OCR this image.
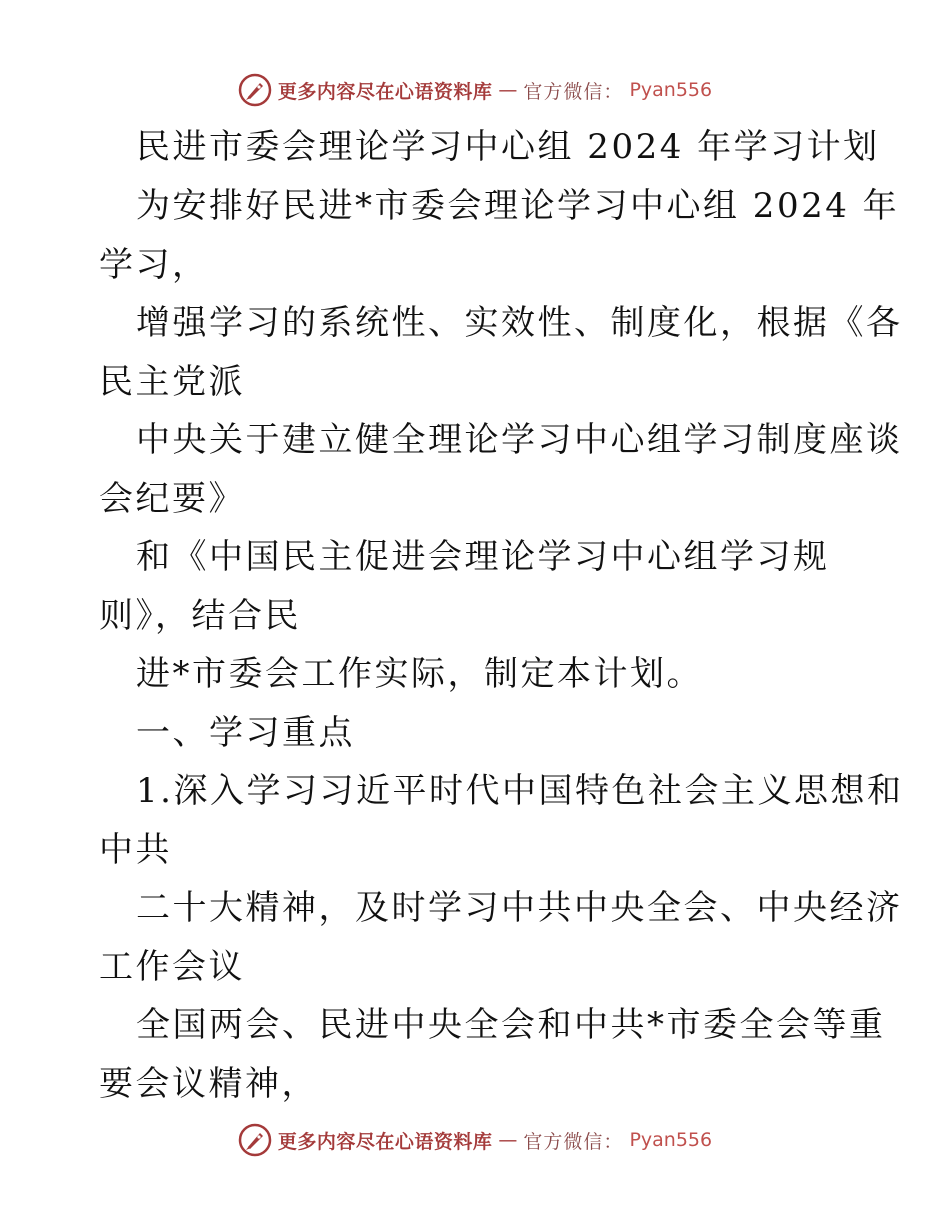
更多内容尽在心语资料库 — 官方微信： Pyan556
民进市委会理论学习中心组 2024 年学习计划
为安排好民进*市委会理论学习中心组 2024 年
学习，
增强学习的系统性、实效性、制度化，根据《各
民主党派
中央关于建立健全理论学习中心组学习制度座谈
会纪要》
和《中国民主促进会理论学习中心组学习规
则》，结合民
进*市委会工作实际，制定本计划。
一、学习重点
1.深入学习习近平时代中国特色社会主义思想和
中共
二十大精神，及时学习中共中央全会、中央经济
工作会议
全国两会、民进中央全会和中共*市委全会等重
要会议精神，
更多内容尽在心语资料库 — 官方微信： Pyan556
